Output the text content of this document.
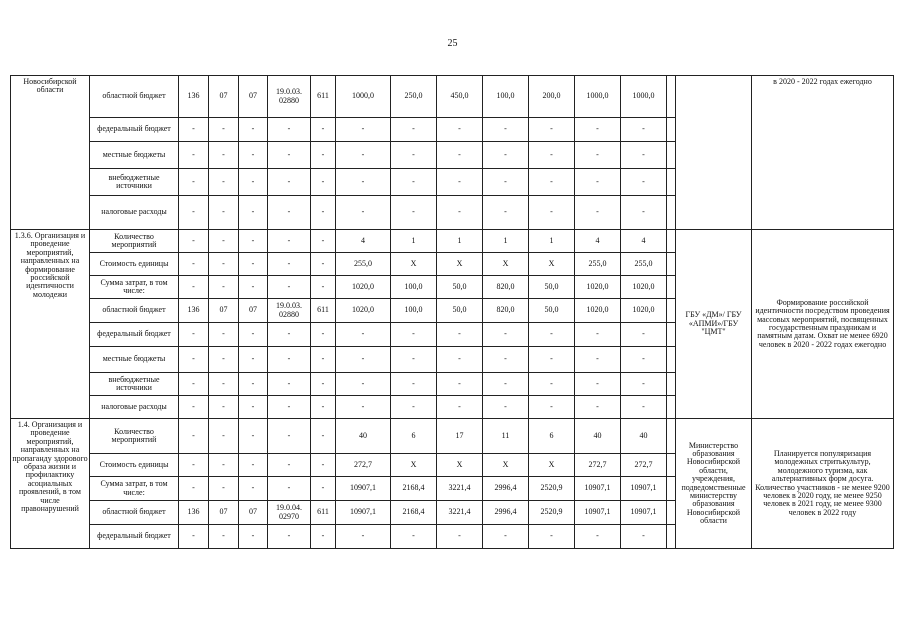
25
Новосибирской области	областной бюджет	136	07	07	19.0.03. 02880	611	1000,0	250,0	450,0	100,0	200,0	1000,0	1000,0			в 2020 - 2022 годах ежегодно
	федеральный бюджет	-	-	-	-	-	-	-	-	-	-	-	-			
	местные бюджеты	-	-	-	-	-	-	-	-	-	-	-	-			
	внебюджетные источники	-	-	-	-	-	-	-	-	-	-	-	-			
	налоговые расходы	-	-	-	-	-	-	-	-	-	-	-	-			
1.3.6. Организация и проведение мероприятий, направленных на формирование российской идентичности молодежи	Количество мероприятий	-	-	-	-	-	4	1	1	1	1	4	4		ГБУ «ДМ»/ ГБУ «АПМИ»/ГБУ "ЦМТ"	Формирование российской идентичности посредством проведения массовых мероприятий, посвященных государственным праздникам и памятным датам. Охват не менее 6920 человек в 2020 - 2022 годах ежегодно
	Стоимость единицы	-	-	-	-	-	255,0	Х	Х	Х	Х	255,0	255,0			
	Сумма затрат, в том числе:	-	-	-	-	-	1020,0	100,0	50,0	820,0	50,0	1020,0	1020,0			
	областной бюджет	136	07	07	19.0.03. 02880	611	1020,0	100,0	50,0	820,0	50,0	1020,0	1020,0			
	федеральный бюджет	-	-	-	-	-	-	-	-	-	-	-	-			
	местные бюджеты	-	-	-	-	-	-	-	-	-	-	-	-			
	внебюджетные источники	-	-	-	-	-	-	-	-	-	-	-	-			
	налоговые расходы	-	-	-	-	-	-	-	-	-	-	-	-			
1.4. Организация и проведение мероприятий, направленных на пропаганду здорового образа жизни и профилактику асоциальных проявлений, в том числе правонарушений	Количество мероприятий	-	-	-	-	-	40	6	17	11	6	40	40		Министерство образования Новосибирской области, учреждения, подведомственные министерству образования Новосибирской области	Планируется популяризация молодежных стритькультур, молодежного туризма, как альтернативных форм досуга. Количество участников - не менее 9200 человек в 2020 году, не менее 9250 человек в 2021 году, не менее 9300 человек в 2022 году
	Стоимость единицы	-	-	-	-	-	272,7	Х	Х	Х	Х	272,7	272,7			
	Сумма затрат, в том числе:	-	-	-	-	-	10907,1	2168,4	3221,4	2996,4	2520,9	10907,1	10907,1			
	областной бюджет	136	07	07	19.0.04. 02970	611	10907,1	2168,4	3221,4	2996,4	2520,9	10907,1	10907,1			
	федеральный бюджет	-	-	-	-	-	-	-	-	-	-	-	-			
